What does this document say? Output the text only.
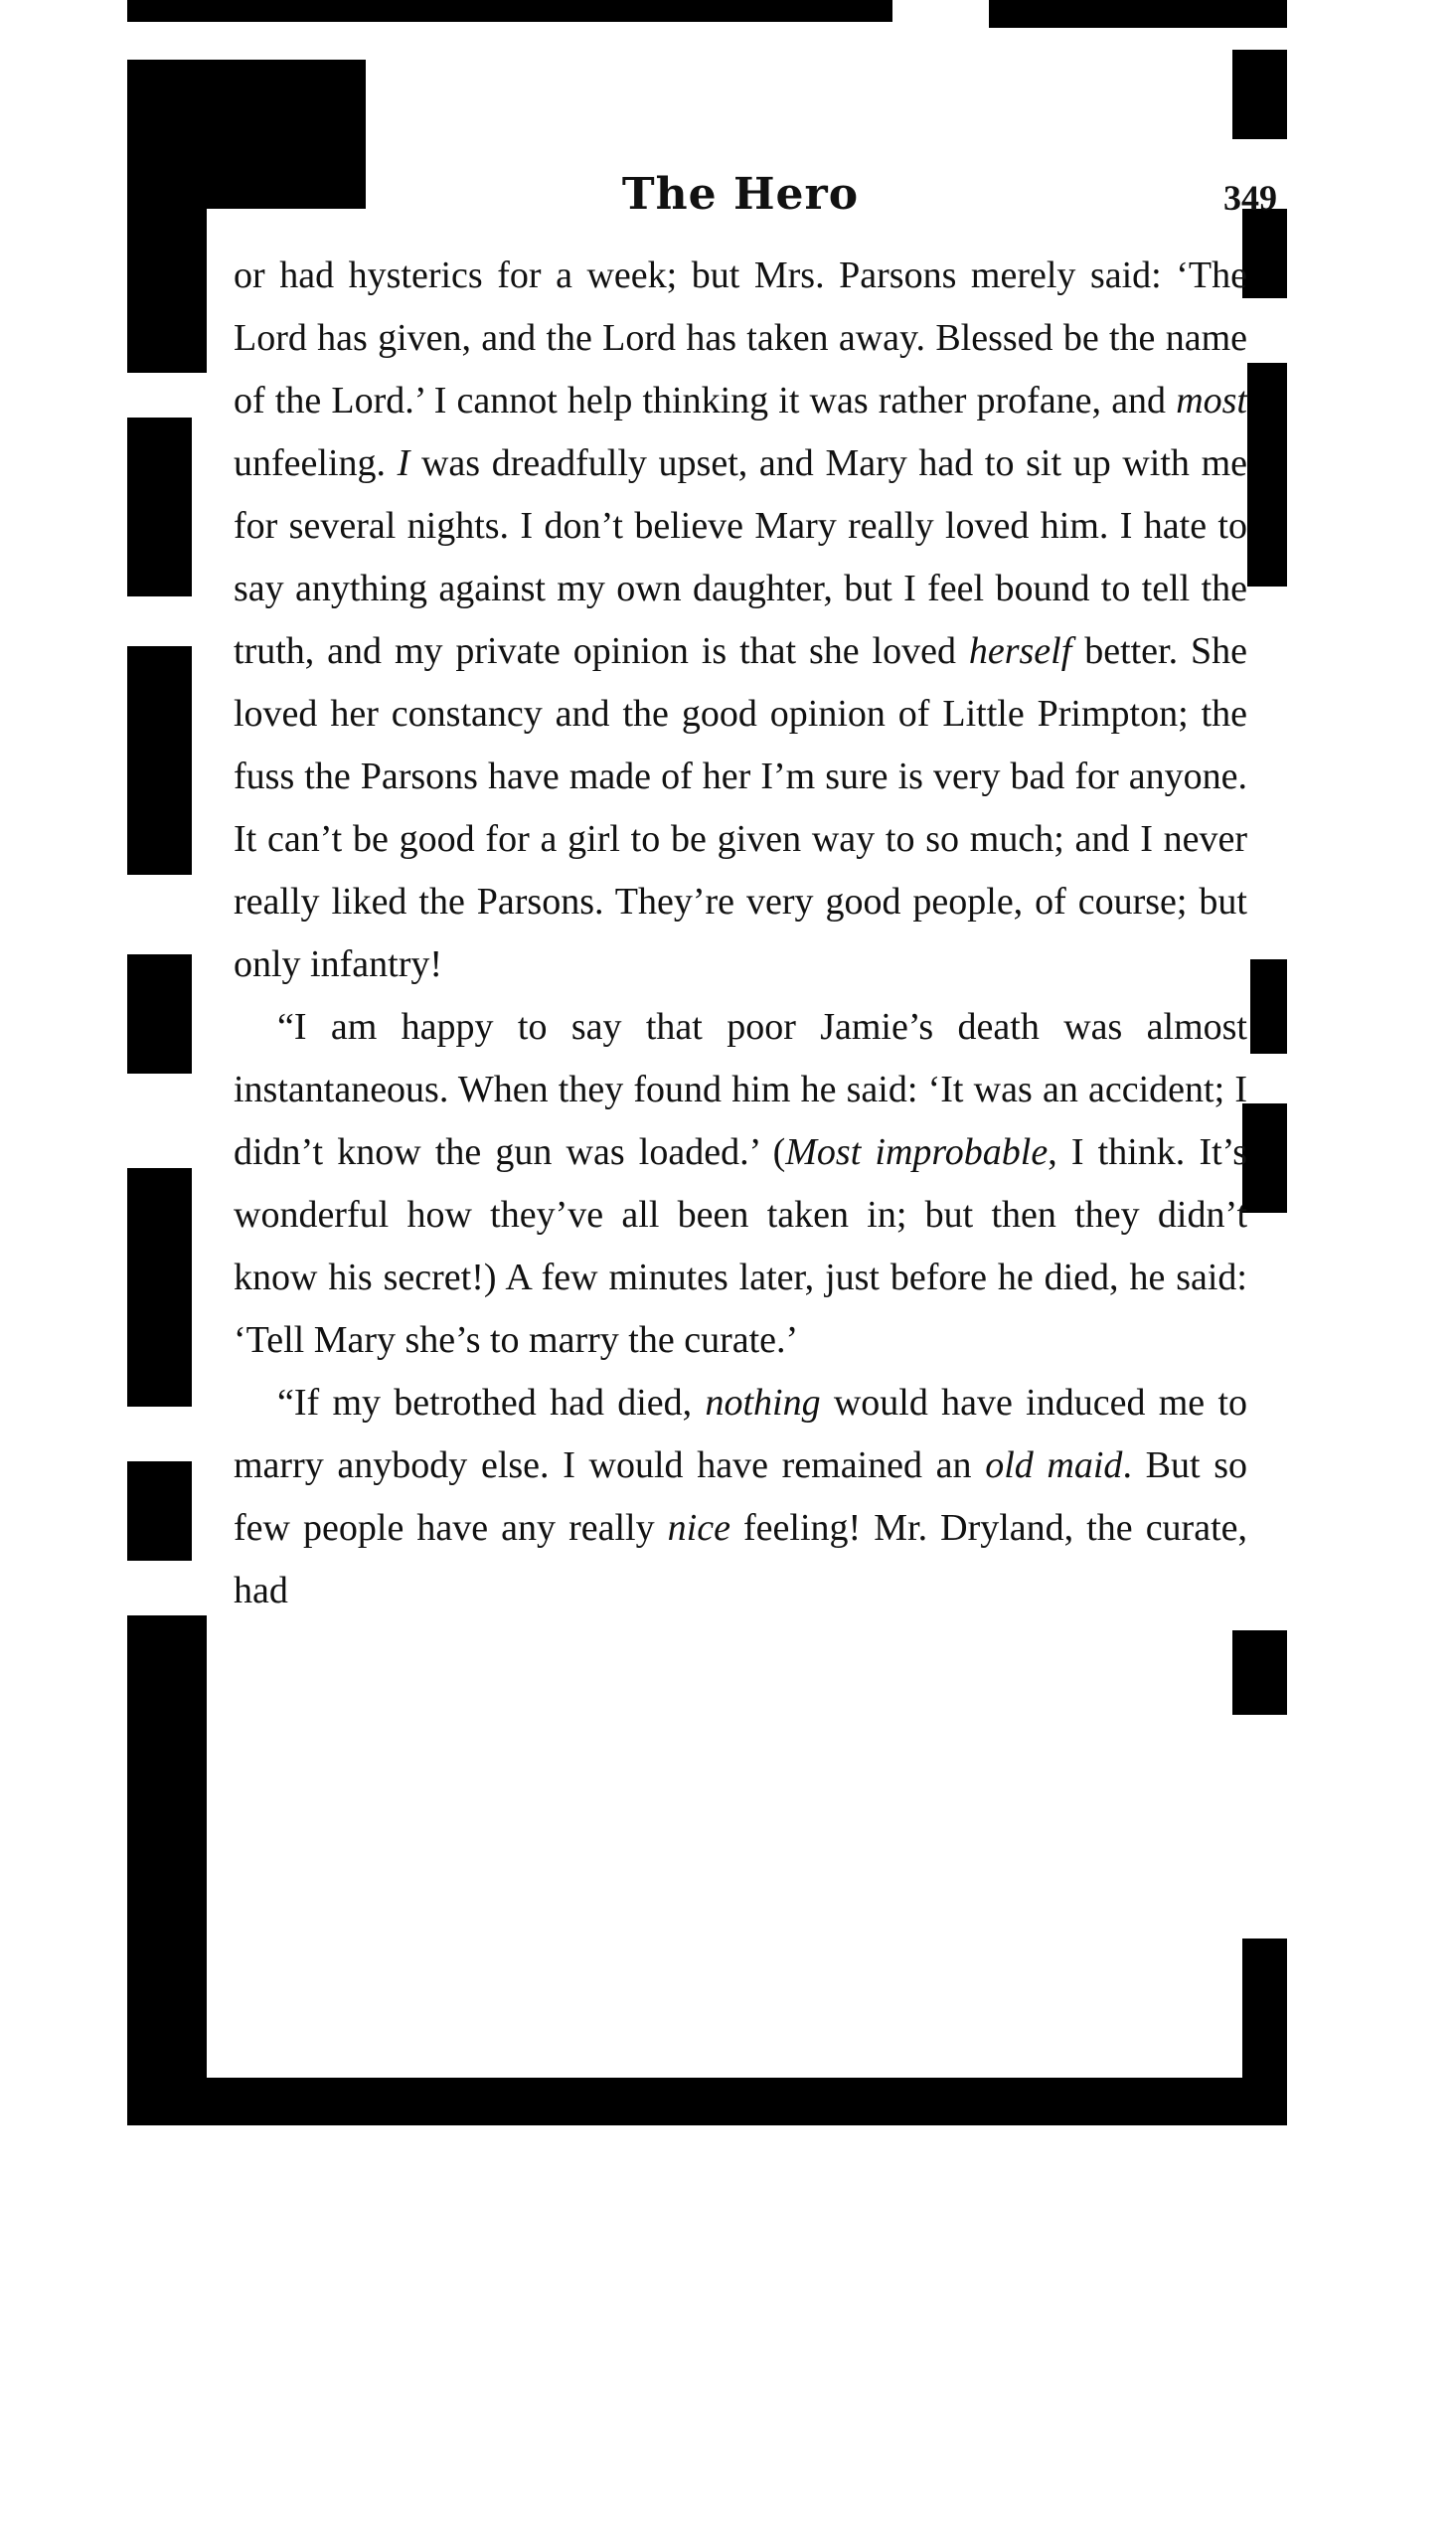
The Hero	349

or had hysterics for a week; but Mrs. Parsons merely said: ‘The Lord has given, and the Lord has taken away. Blessed be the name of the Lord.’ I cannot help thinking it was rather profane, and most unfeeling. I was dreadfully upset, and Mary had to sit up with me for several nights. I don’t believe Mary really loved him. I hate to say anything against my own daughter, but I feel bound to tell the truth, and my private opinion is that she loved herself better. She loved her constancy and the good opinion of Little Primpton; the fuss the Parsons have made of her I’m sure is very bad for anyone. It can’t be good for a girl to be given way to so much; and I never really liked the Parsons. They’re very good people, of course; but only infantry!

“I am happy to say that poor Jamie’s death was almost instantaneous. When they found him he said: ‘It was an accident; I didn’t know the gun was loaded.’ (Most improbable, I think. It’s wonderful how they’ve all been taken in; but then they didn’t know his secret!) A few minutes later, just before he died, he said: ‘Tell Mary she’s to marry the curate.’

“If my betrothed had died, nothing would have induced me to marry anybody else. I would have remained an old maid. But so few people have any really nice feeling! Mr. Dryland, the curate, had
